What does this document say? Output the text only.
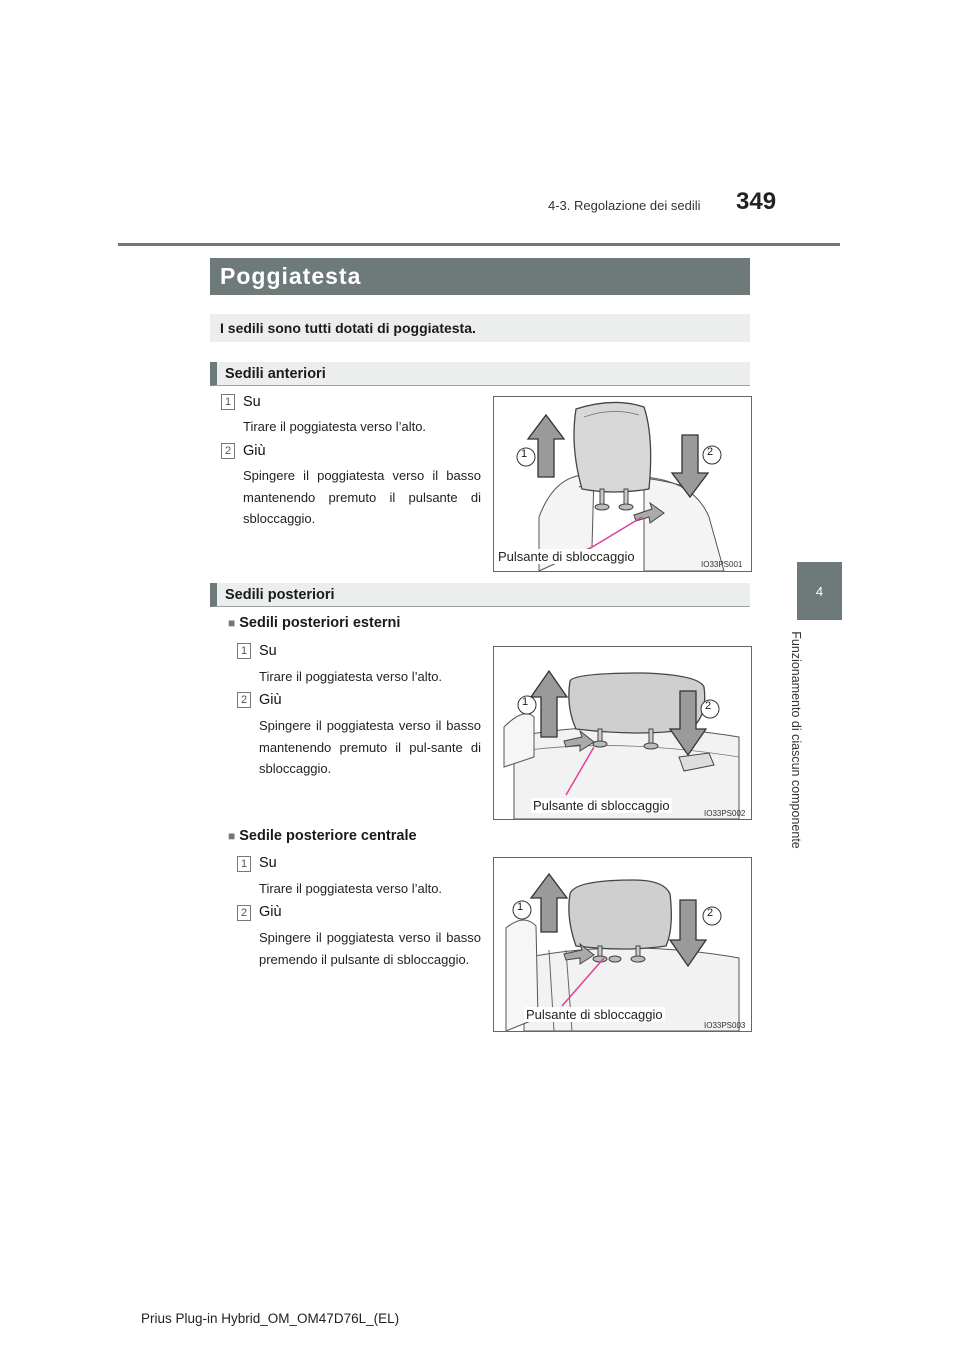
4-3. Regolazione dei sedili 349
4
Funzionamento di ciascun componente
Poggiatesta
I sedili sono tutti dotati di poggiatesta.
Sedili anteriori
1 Su
Tirare il poggiatesta verso l’alto.
2 Giù
Spingere il poggiatesta verso il basso mantenendo premuto il pulsante di sbloccaggio.
1	2
Pulsante di sbloccaggio
IO33PS001
Sedili posteriori
■ Sedili posteriori esterni
1 Su
Tirare il poggiatesta verso l’alto.
2 Giù
Spingere il poggiatesta verso il basso mantenendo premuto il pul-sante di sbloccaggio.
1	2
Pulsante di sbloccaggio
IO33PS002
■ Sedile posteriore centrale
1 Su
Tirare il poggiatesta verso l’alto.
2 Giù
Spingere il poggiatesta verso il basso premendo il pulsante di sbloccaggio.
1	2
Pulsante di sbloccaggio
IO33PS003
Prius Plug-in Hybrid_OM_OM47D76L_(EL)
